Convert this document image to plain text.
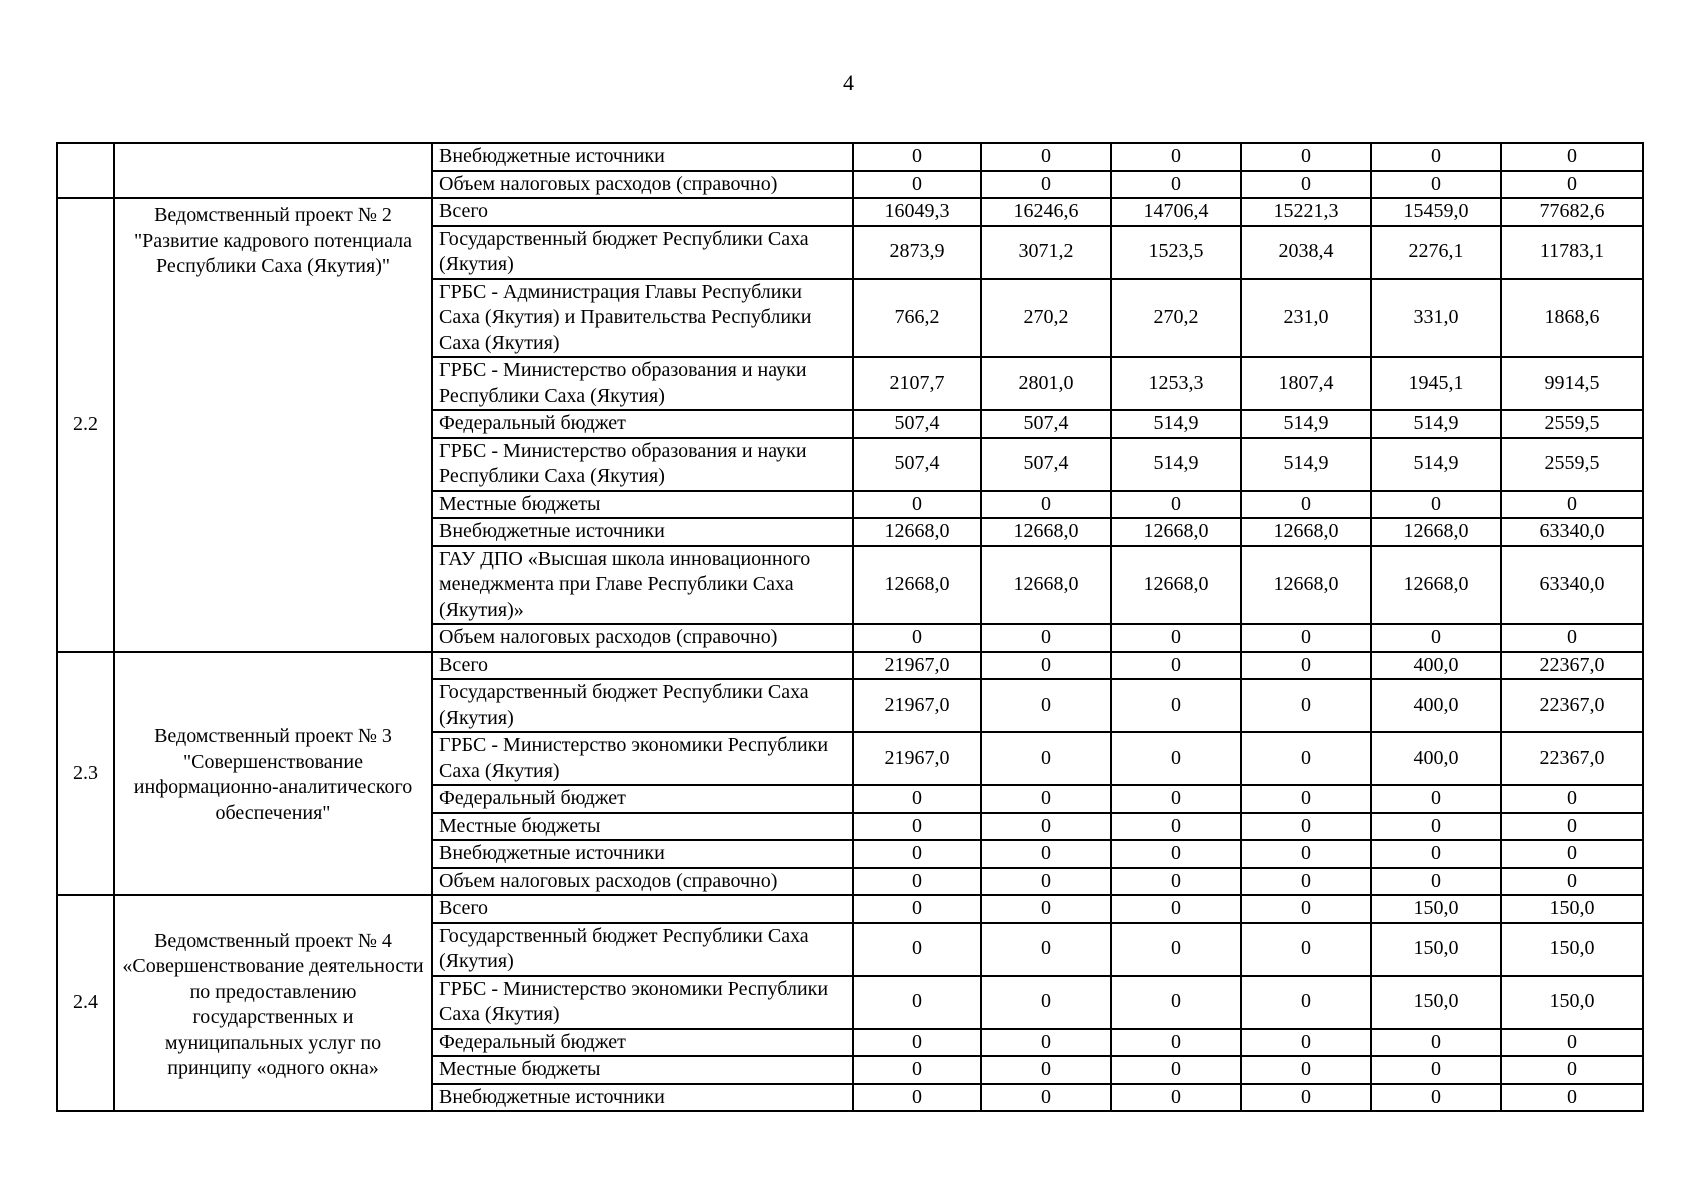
4
		Внебюджетные источники	0	0	0	0	0	0
		Объем налоговых расходов (справочно)	0	0	0	0	0	0
2.2	Ведомственный проект № 2 "Развитие кадрового потенциала Республики Саха (Якутия)"	Всего	16049,3	16246,6	14706,4	15221,3	15459,0	77682,6
		Государственный бюджет Республики Саха (Якутия)	2873,9	3071,2	1523,5	2038,4	2276,1	11783,1
		ГРБС - Администрация Главы Республики Саха (Якутия) и Правительства Республики Саха (Якутия)	766,2	270,2	270,2	231,0	331,0	1868,6
		ГРБС - Министерство образования и науки Республики Саха (Якутия)	2107,7	2801,0	1253,3	1807,4	1945,1	9914,5
		Федеральный бюджет	507,4	507,4	514,9	514,9	514,9	2559,5
		ГРБС - Министерство образования и науки Республики Саха (Якутия)	507,4	507,4	514,9	514,9	514,9	2559,5
		Местные бюджеты	0	0	0	0	0	0
		Внебюджетные источники	12668,0	12668,0	12668,0	12668,0	12668,0	63340,0
		ГАУ ДПО «Высшая школа инновационного менеджмента при Главе Республики Саха (Якутия)»	12668,0	12668,0	12668,0	12668,0	12668,0	63340,0
		Объем налоговых расходов (справочно)	0	0	0	0	0	0
2.3	Ведомственный проект № 3 "Совершенствование информационно-аналитического обеспечения"	Всего	21967,0	0	0	0	400,0	22367,0
		Государственный бюджет Республики Саха (Якутия)	21967,0	0	0	0	400,0	22367,0
		ГРБС - Министерство экономики Республики Саха (Якутия)	21967,0	0	0	0	400,0	22367,0
		Федеральный бюджет	0	0	0	0	0	0
		Местные бюджеты	0	0	0	0	0	0
		Внебюджетные источники	0	0	0	0	0	0
		Объем налоговых расходов (справочно)	0	0	0	0	0	0
2.4	Ведомственный проект № 4 «Совершенствование деятельности по предоставлению государственных и муниципальных услуг по принципу «одного окна»	Всего	0	0	0	0	150,0	150,0
		Государственный бюджет Республики Саха (Якутия)	0	0	0	0	150,0	150,0
		ГРБС - Министерство экономики Республики Саха (Якутия)	0	0	0	0	150,0	150,0
		Федеральный бюджет	0	0	0	0	0	0
		Местные бюджеты	0	0	0	0	0	0
		Внебюджетные источники	0	0	0	0	0	0
